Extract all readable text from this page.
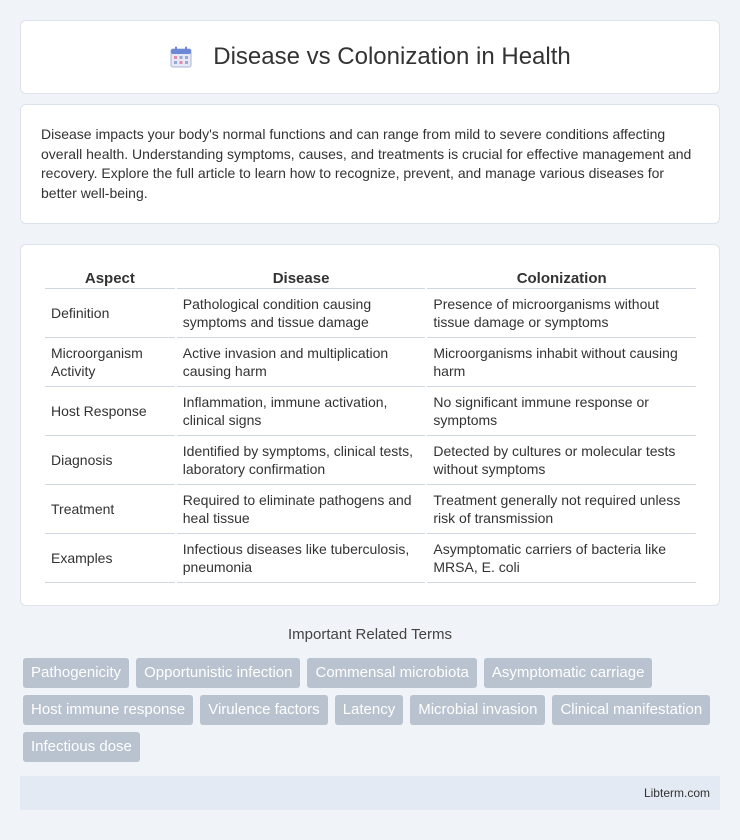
Disease vs Colonization in Health

Disease impacts your body's normal functions and can range from mild to severe conditions affecting overall health. Understanding symptoms, causes, and treatments is crucial for effective management and recovery. Explore the full article to learn how to recognize, prevent, and manage various diseases for better well-being.

Aspect	Disease	Colonization
Definition	Pathological condition causing symptoms and tissue damage	Presence of microorganisms without tissue damage or symptoms
Microorganism Activity	Active invasion and multiplication causing harm	Microorganisms inhabit without causing harm
Host Response	Inflammation, immune activation, clinical signs	No significant immune response or symptoms
Diagnosis	Identified by symptoms, clinical tests, laboratory confirmation	Detected by cultures or molecular tests without symptoms
Treatment	Required to eliminate pathogens and heal tissue	Treatment generally not required unless risk of transmission
Examples	Infectious diseases like tuberculosis, pneumonia	Asymptomatic carriers of bacteria like MRSA, E. coli
Important Related Terms
Pathogenicity	Opportunistic infection	Commensal microbiota	Asymptomatic carriage
Host immune response	Virulence factors	Latency	Microbial invasion	Clinical manifestation
Infectious dose
Libterm.com
